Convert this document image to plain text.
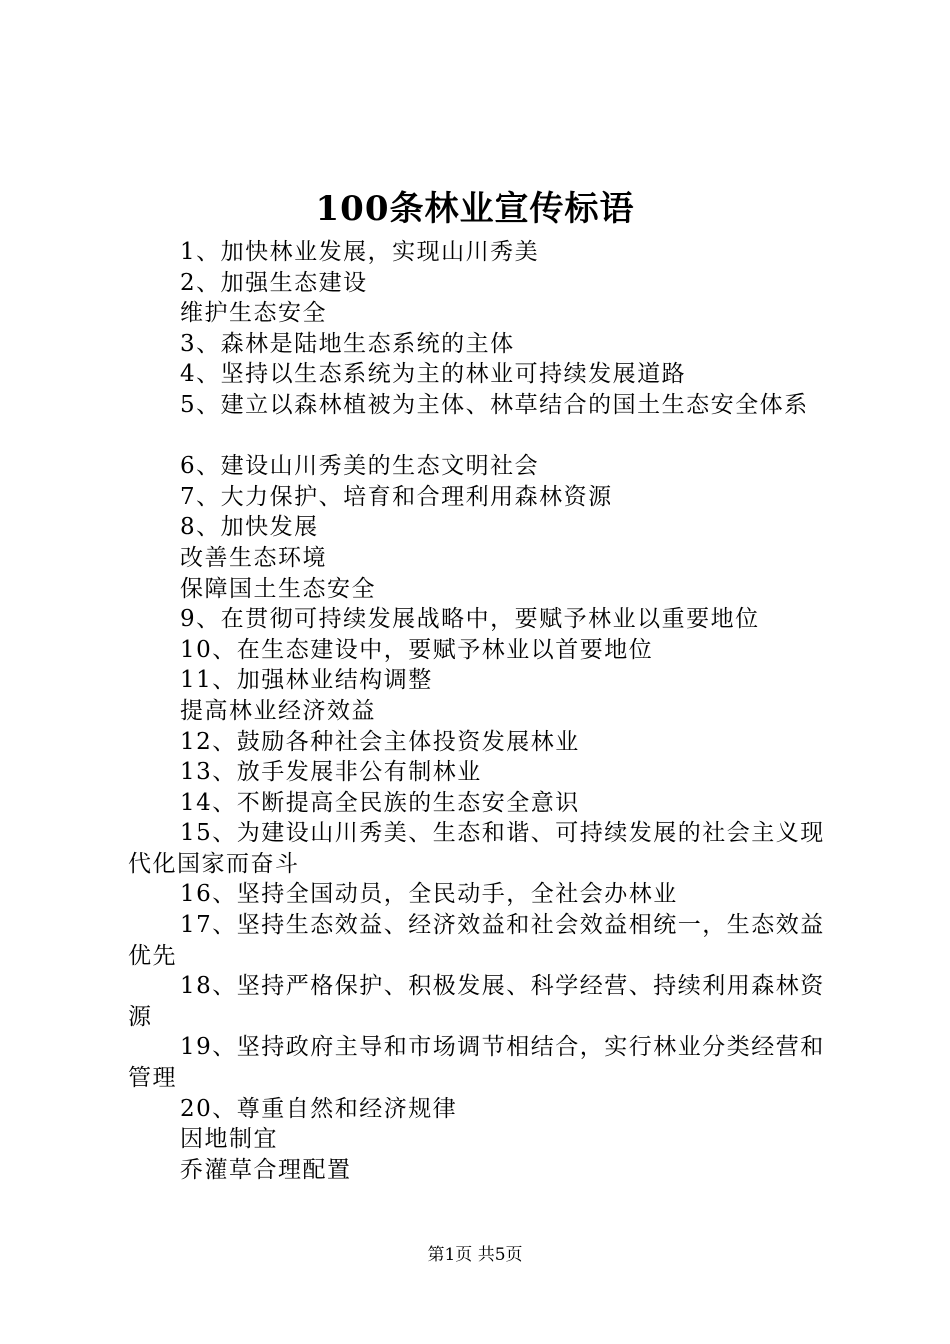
100条林业宣传标语

1、加快林业发展，实现山川秀美

2、加强生态建设

维护生态安全

3、森林是陆地生态系统的主体

4、坚持以生态系统为主的林业可持续发展道路

5、建立以森林植被为主体、林草结合的国土生态安全体系

6、建设山川秀美的生态文明社会

7、大力保护、培育和合理利用森林资源

8、加快发展

改善生态环境

保障国土生态安全

9、在贯彻可持续发展战略中，要赋予林业以重要地位

10、在生态建设中，要赋予林业以首要地位

11、加强林业结构调整

提高林业经济效益

12、鼓励各种社会主体投资发展林业

13、放手发展非公有制林业

14、不断提高全民族的生态安全意识

15、为建设山川秀美、生态和谐、可持续发展的社会主义现代化国家而奋斗

16、坚持全国动员，全民动手，全社会办林业

17、坚持生态效益、经济效益和社会效益相统一，生态效益优先

18、坚持严格保护、积极发展、科学经营、持续利用森林资源

19、坚持政府主导和市场调节相结合，实行林业分类经营和管理

20、尊重自然和经济规律

因地制宜

乔灌草合理配置

第1页 共5页
